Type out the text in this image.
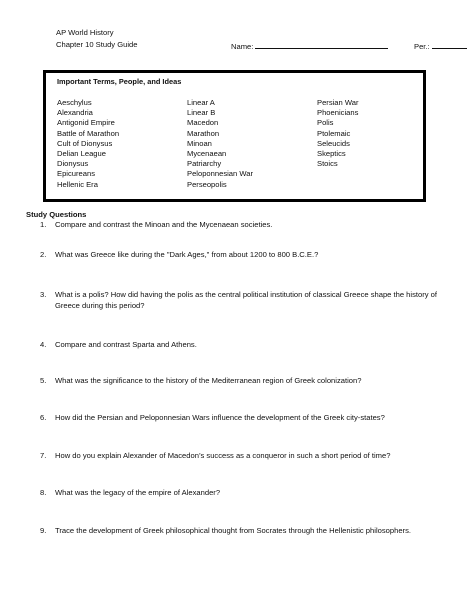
AP World History
Chapter 10 Study Guide	Name:	Per.:
Important Terms, People, and Ideas
Aeschylus
Alexandria
Antigonid Empire
Battle of Marathon
Cult of Dionysus
Delian League
Dionysus
Epicureans
Hellenic Era
Linear A
Linear B
Macedon
Marathon
Minoan
Mycenaean
Patriarchy
Peloponnesian War
Perseopolis
Persian War
Phoenicians
Polis
Ptolemaic
Seleucids
Skeptics
Stoics
Study Questions
1. Compare and contrast the Minoan and the Mycenaean societies.
2. What was Greece like during the "Dark Ages," from about 1200 to 800 B.C.E.?
3. What is a polis? How did having the polis as the central political institution of classical Greece shape the history of Greece during this period?
4. Compare and contrast Sparta and Athens.
5. What was the significance to the history of the Mediterranean region of Greek colonization?
6. How did the Persian and Peloponnesian Wars influence the development of the Greek city-states?
7. How do you explain Alexander of Macedon’s success as a conqueror in such a short period of time?
8. What was the legacy of the empire of Alexander?
9. Trace the development of Greek philosophical thought from Socrates through the Hellenistic philosophers.
